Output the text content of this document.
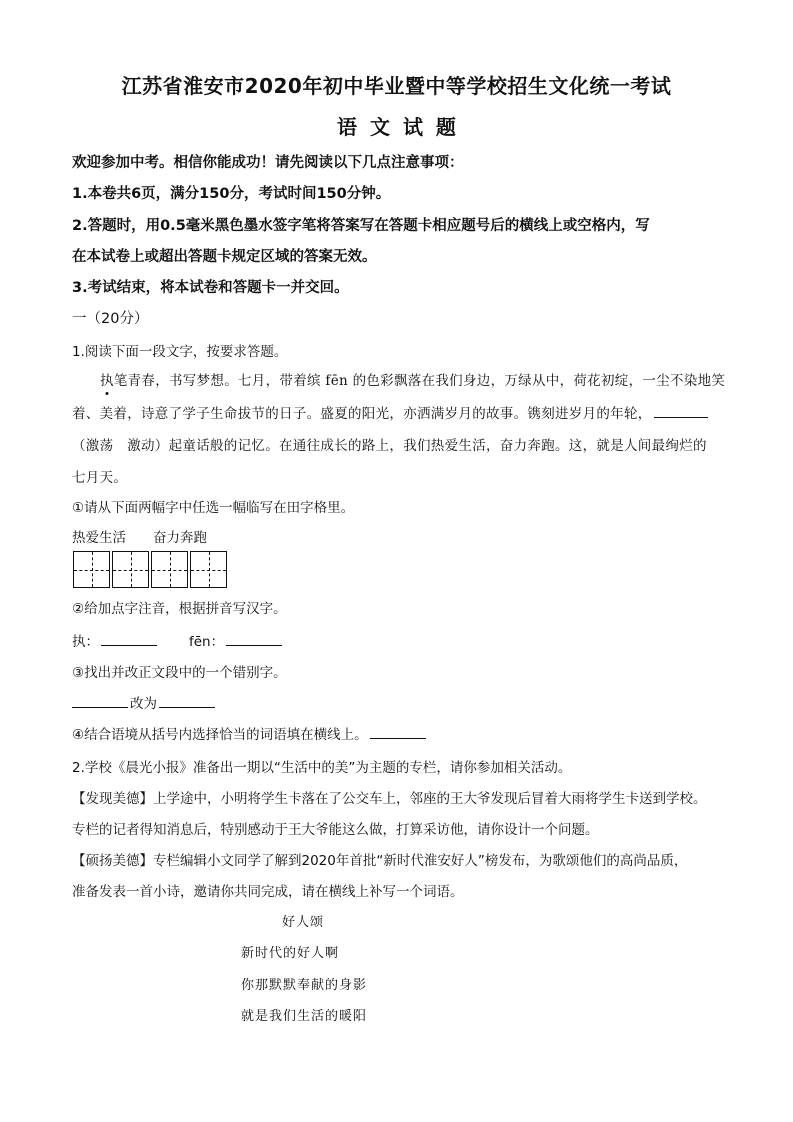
江苏省淮安市2020年初中毕业暨中等学校招生文化统一考试
语 文 试 题
欢迎参加中考。相信你能成功！请先阅读以下几点注意事项：
1.本卷共6页，满分150分，考试时间150分钟。
2.答题时，用0.5毫米黑色墨水签字笔将答案写在答题卡相应题号后的横线上或空格内，写
在本试卷上或超出答题卡规定区域的答案无效。
3.考试结束，将本试卷和答题卡一并交回。
一（20分）
1.阅读下面一段文字，按要求答题。
执笔青春，书写梦想。七月，带着缤 fēn 的色彩飘落在我们身边，万绿从中，荷花初绽，一尘不染地笑
着、美着，诗意了学子生命拔节的日子。盛夏的阳光，亦洒满岁月的故事。镌刻进岁月的年轮，
（激荡　激动）起童话般的记忆。在通往成长的路上，我们热爱生活，奋力奔跑。这，就是人间最绚烂的
七月天。
①请从下面两幅字中任选一幅临写在田字格里。
热爱生活　　奋力奔跑
②给加点字注音，根据拼音写汉字。
执：	fēn：
③找出并改正文段中的一个错别字。
改为
④结合语境从括号内选择恰当的词语填在横线上。
2.学校《晨光小报》准备出一期以“生活中的美”为主题的专栏，请你参加相关活动。
【发现美德】上学途中，小明将学生卡落在了公交车上，邻座的王大爷发现后冒着大雨将学生卡送到学校。
专栏的记者得知消息后，特别感动于王大爷能这么做，打算采访他，请你设计一个问题。
【硕扬美德】专栏编辑小文同学了解到2020年首批“新时代淮安好人”榜发布，为歌颂他们的高尚品质，
准备发表一首小诗，邀请你共同完成，请在横线上补写一个词语。
好人颂
新时代的好人啊
你那默默奉献的身影
就是我们生活的暖阳
